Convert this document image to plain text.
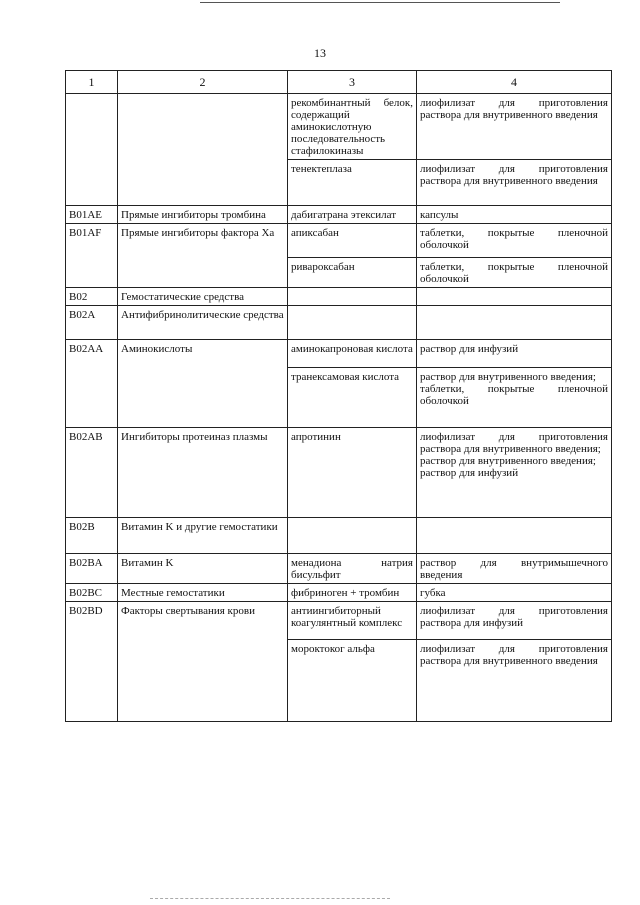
13
1	2	3	4
		рекомбинантный белок, содержащий аминокислотную последовательность стафилокиназы	лиофилизат для приготовления раствора для внутривенного введения
		тенектеплаза	лиофилизат для приготовления раствора для внутривенного введения
B01AE	Прямые ингибиторы тромбина	дабигатрана этексилат	капсулы
B01AF	Прямые ингибиторы фактора Xa	апиксабан	таблетки, покрытые пленочной оболочкой
		ривароксабан	таблетки, покрытые пленочной оболочкой
B02	Гемостатические средства		
B02A	Антифибринолитические средства		
B02AA	Аминокислоты	аминокапроновая кислота	раствор для инфузий
		транексамовая кислота	раствор для внутривенного введения;
таблетки, покрытые пленочной оболочкой
B02AB	Ингибиторы протеиназ плазмы	апротинин	лиофилизат для приготовления раствора для внутривенного введения;
раствор для внутривенного введения;
раствор для инфузий
B02B	Витамин K и другие гемостатики		
B02BA	Витамин K	менадиона натрия бисульфит	раствор для внутримышечного введения
B02BC	Местные гемостатики	фибриноген + тромбин	губка
B02BD	Факторы свертывания крови	антиингибиторный коагулянтный комплекс	лиофилизат для приготовления раствора для инфузий
		мороктоког альфа	лиофилизат для приготовления раствора для внутривенного введения
